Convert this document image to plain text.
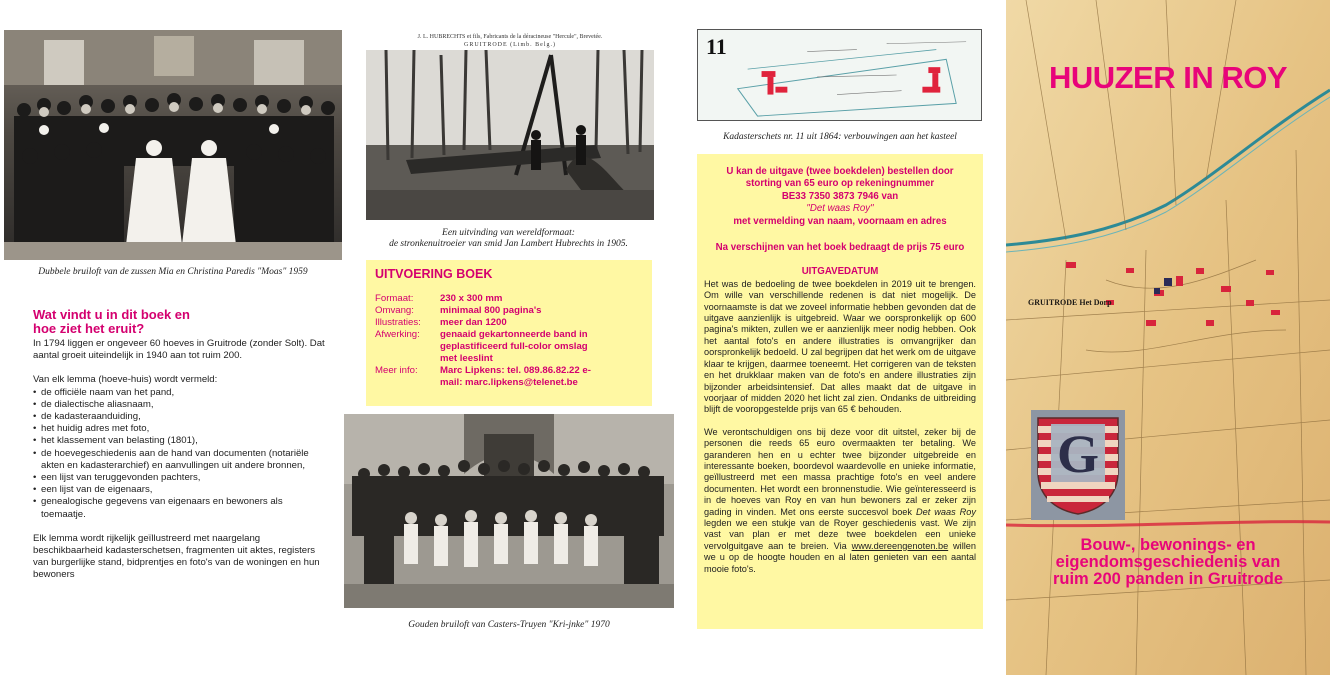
Dubbele bruiloft van de zussen Mia en Christina Paredis "Moas" 1959
Wat vindt u in dit boek en
hoe ziet het eruit?

In 1794 liggen er ongeveer 60 hoeves in Gruitrode (zonder Solt). Dat aantal groeit uiteindelijk in 1940 aan tot ruim 200.

Van elk lemma (hoeve-huis) wordt vermeld:

• de officiële naam van het pand,
• de dialectische aliasnaam,
• de kadasteraanduiding,
• het huidig adres met foto,
• het klassement van belasting (1801),
• de hoevegeschiedenis aan de hand van documenten (notariële akten en kadasterarchief) en aanvullingen uit andere bronnen,
• een lijst van teruggevonden pachters,
• een lijst van de eigenaars,
• genealogische gegevens van eigenaars en bewoners als toemaatje.

Elk lemma wordt rijkelijk geïllustreerd met naargelang beschikbaarheid kadasterschetsen, fragmenten uit aktes, registers van burgerlijke stand, bidprentjes en foto's van de woningen en hun bewoners

J. L. HUBRECHTS et fils, Fabricants de la déracineuse "Hercule", Brevetée.
GRUITRODE (Limb. Belg.)
Een uitvinding van wereldformaat:
de stronkenuitroeier van smid Jan Lambert Hubrechts in 1905.
UITVOERING BOEK
Formaat:	230 x 300 mm
Omvang:	minimaal 800 pagina's
Illustraties:	meer dan 1200
Afwerking:	genaaid gekartonneerde band in geplastificeerd full-color omslag met leeslint
Meer info:	Marc Lipkens: tel. 089.86.82.22 e-mail: marc.lipkens@telenet.be
Gouden bruiloft van Casters-Truyen "Kri-jnke" 1970
11
Kadasterschets nr. 11 uit 1864: verbouwingen aan het kasteel
U kan de uitgave (twee boekdelen) bestellen door
storting van 65 euro op rekeningnummer
BE33 7350 3873 7946 van
"Det waas Roy"
met vermelding van naam, voornaam en adres
Na verschijnen van het boek bedraagt de prijs 75 euro
UITGAVEDATUM
Het was de bedoeling de twee boekdelen in 2019 uit te brengen. Om wille van verschillende redenen is dat niet mogelijk. De voornaamste is dat we zoveel informatie hebben gevonden dat de uitgave aanzienlijk is uitgebreid. Waar we oorspronkelijk op 600 pagina's mikten, zullen we er aanzienlijk meer nodig hebben. Ook het aantal foto's en andere illustraties is omvangrijker dan oorspronkelijk bedoeld. U zal begrijpen dat het werk om de uitgave klaar te krijgen, daarmee toeneemt. Het corrigeren van de teksten en het drukklaar maken van de foto's en andere illustraties zijn bijzonder arbeidsintensief. Dat alles maakt dat de uitgave in voorjaar of midden 2020 het licht zal zien. Ondanks de uitbreiding blijft de vooropgestelde prijs van 65 € behouden.
We verontschuldigen ons bij deze voor dit uitstel, zeker bij de personen die reeds 65 euro overmaakten ter betaling. We garanderen hen en u echter twee bijzonder uitgebreide en interessante boeken, boordevol waardevolle en unieke informatie, geïllustreerd met een massa prachtige foto's en veel andere documenten. Het wordt een bronnenstudie. Wie geïnteresseerd is in de hoeves van Roy en van hun bewoners zal er zeker zijn gading in vinden. Met ons eerste succesvol boek Det waas Roy legden we een stukje van de Royer geschiedenis vast. We zijn vast van plan er met deze twee boekdelen een unieke vervolguitgave aan te breien. Via www.dereengenoten.be willen we u op de hoogte houden en al laten genieten van een aantal mooie foto's.
GRUITRODE Het Dorp
HUUZER IN ROY
G
Bouw-, bewonings- en
eigendomsgeschiedenis van
ruim 200 panden in Gruitrode
